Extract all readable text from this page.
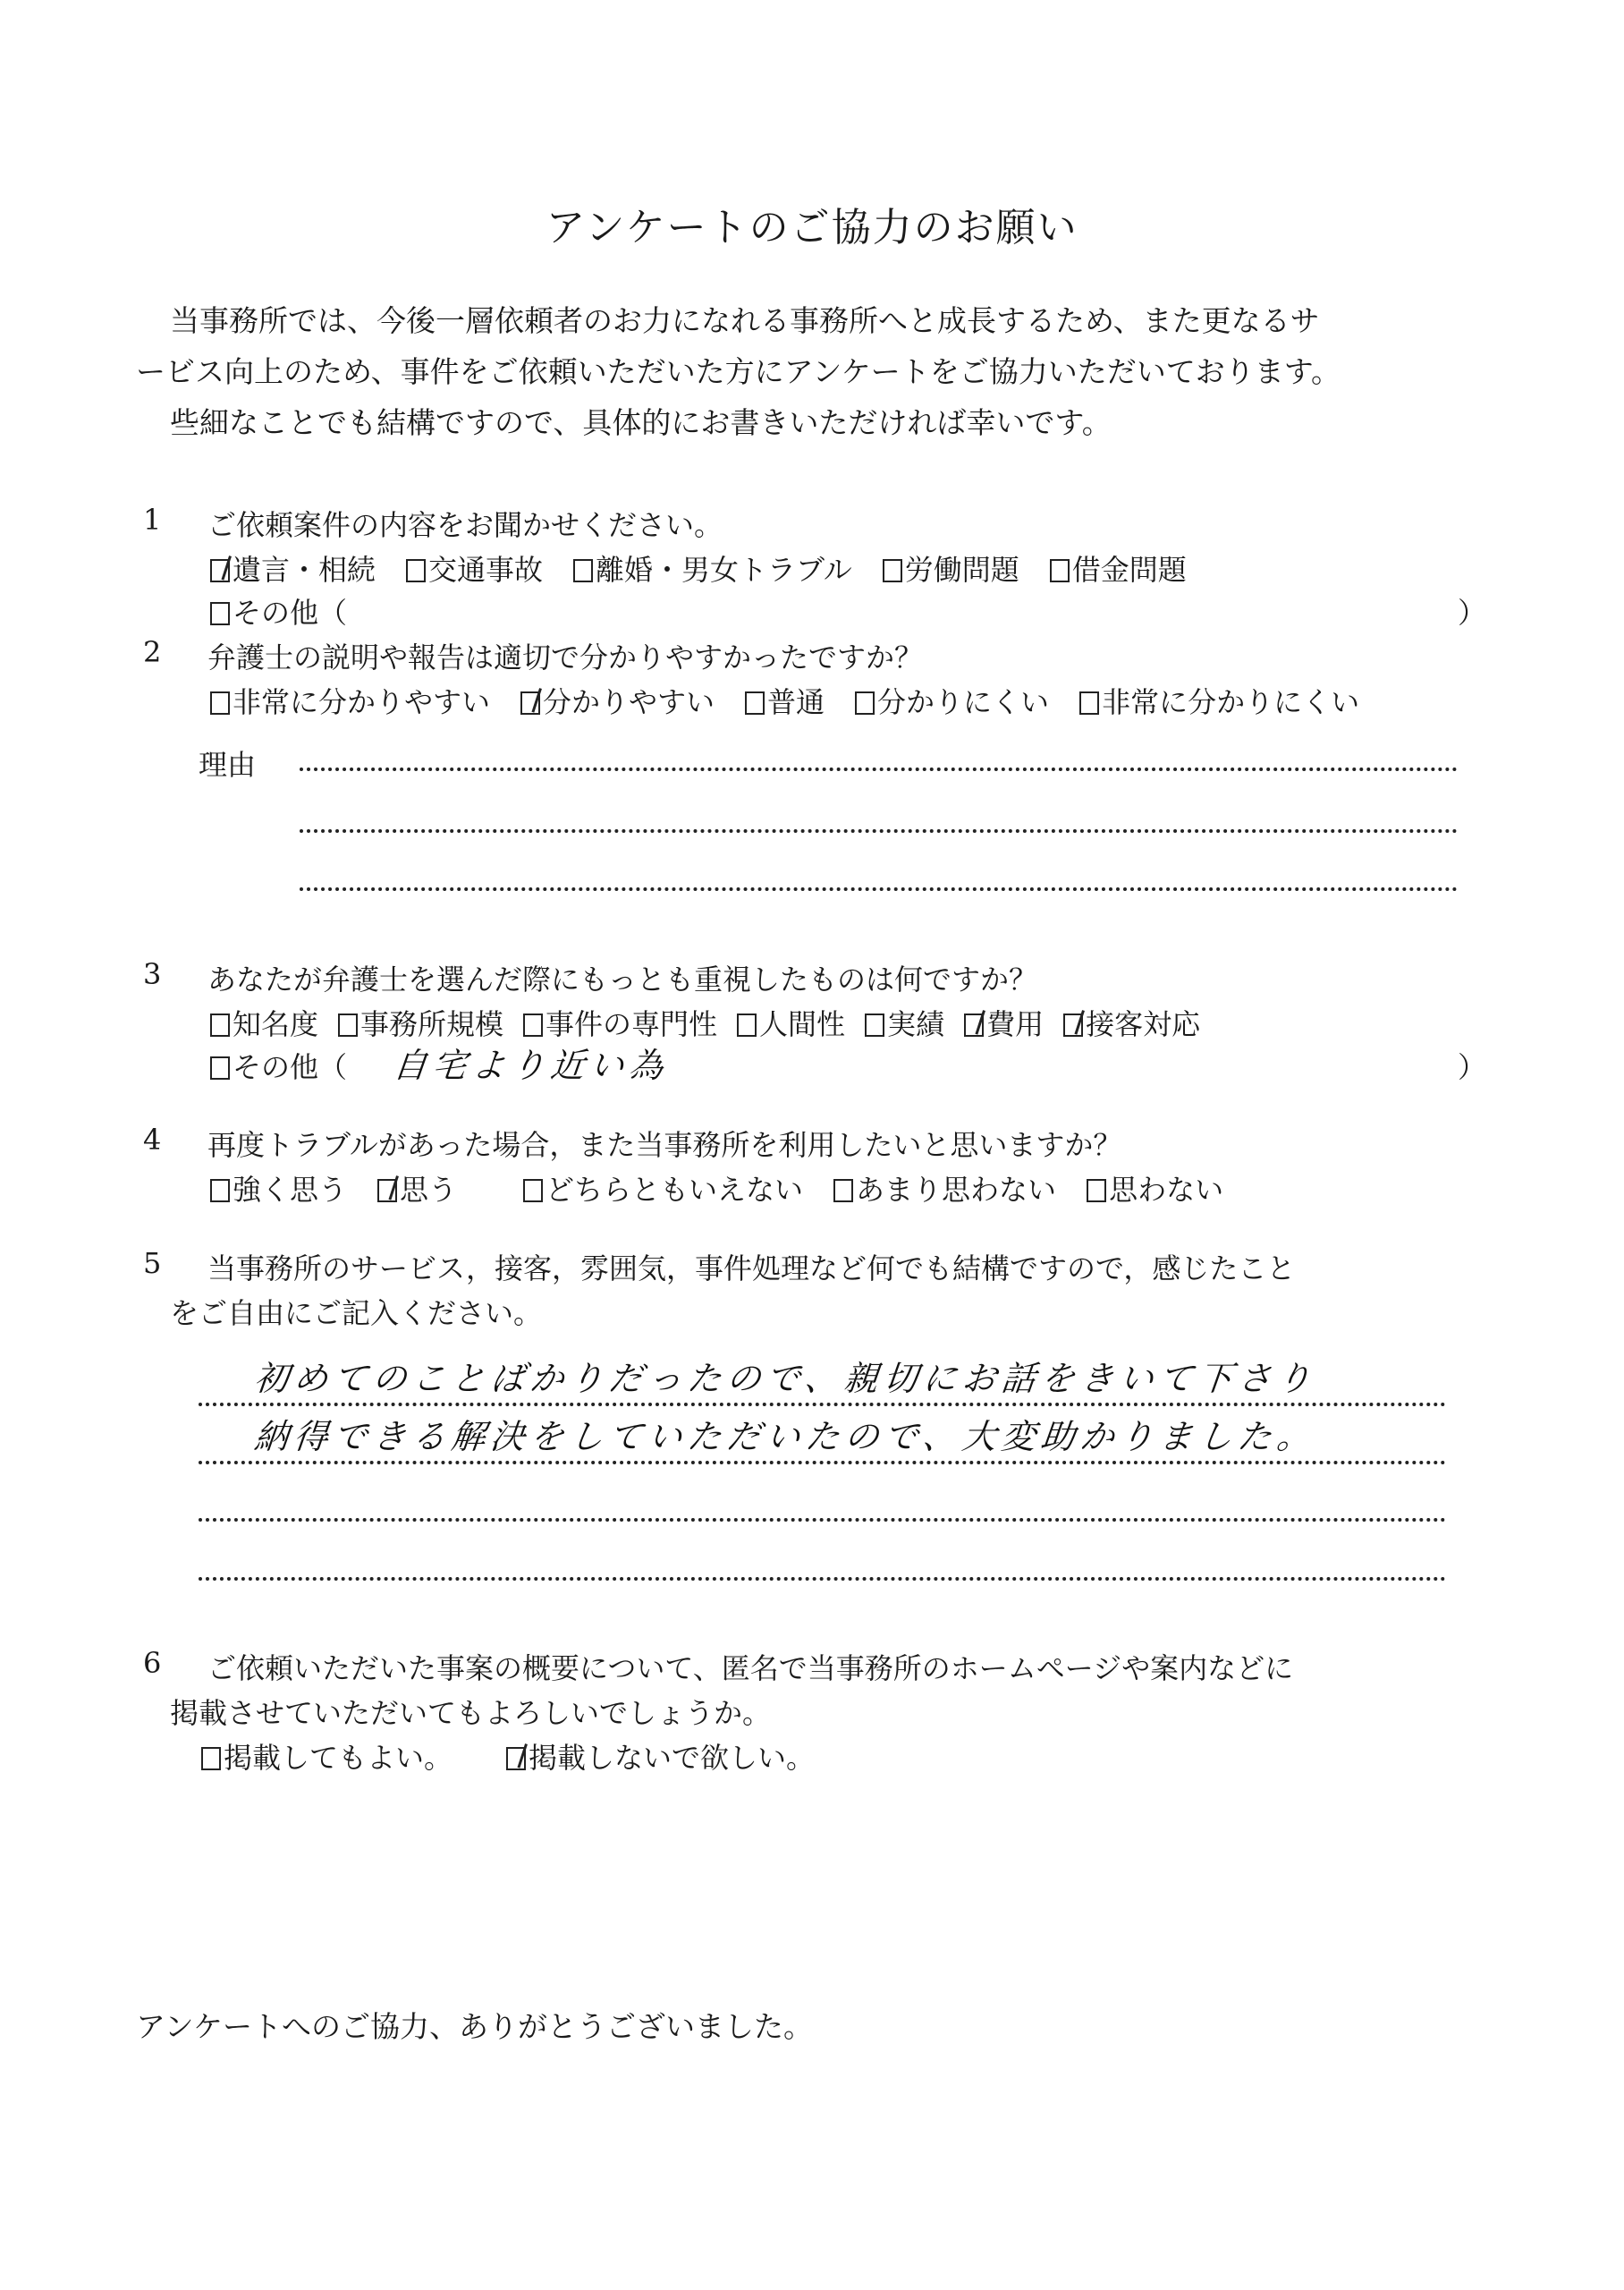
アンケートのご協力のお願い
当事務所では、今後一層依頼者のお力になれる事務所へと成長するため、また更なるサ
ービス向上のため、事件をご依頼いただいた方にアンケートをご協力いただいております。
些細なことでも結構ですので、具体的にお書きいただければ幸いです。
1 ご依頼案件の内容をお聞かせください。
遺言・相続 交通事故 離婚・男女トラブル 労働問題 借金問題
その他（	）
2 弁護士の説明や報告は適切で分かりやすかったですか？
非常に分かりやすい 分かりやすい 普通 分かりにくい 非常に分かりにくい
理由
3 あなたが弁護士を選んだ際にもっとも重視したものは何ですか？
知名度 事務所規模 事件の専門性 人間性 実績 費用 接客対応
その他（ 自宅より近い為	）
4 再度トラブルがあった場合，また当事務所を利用したいと思いますか？
強く思う 思う	どちらともいえない あまり思わない 思わない
5 当事務所のサービス，接客，雰囲気，事件処理など何でも結構ですので，感じたこと
をご自由にご記入ください。
初めてのことばかりだったので、親切にお話をきいて下さり
納得できる解決をしていただいたので、大変助かりました。
6 ご依頼いただいた事案の概要について、匿名で当事務所のホームページや案内などに
掲載させていただいてもよろしいでしょうか。
掲載してもよい。	掲載しないで欲しい。
アンケートへのご協力、ありがとうございました。
